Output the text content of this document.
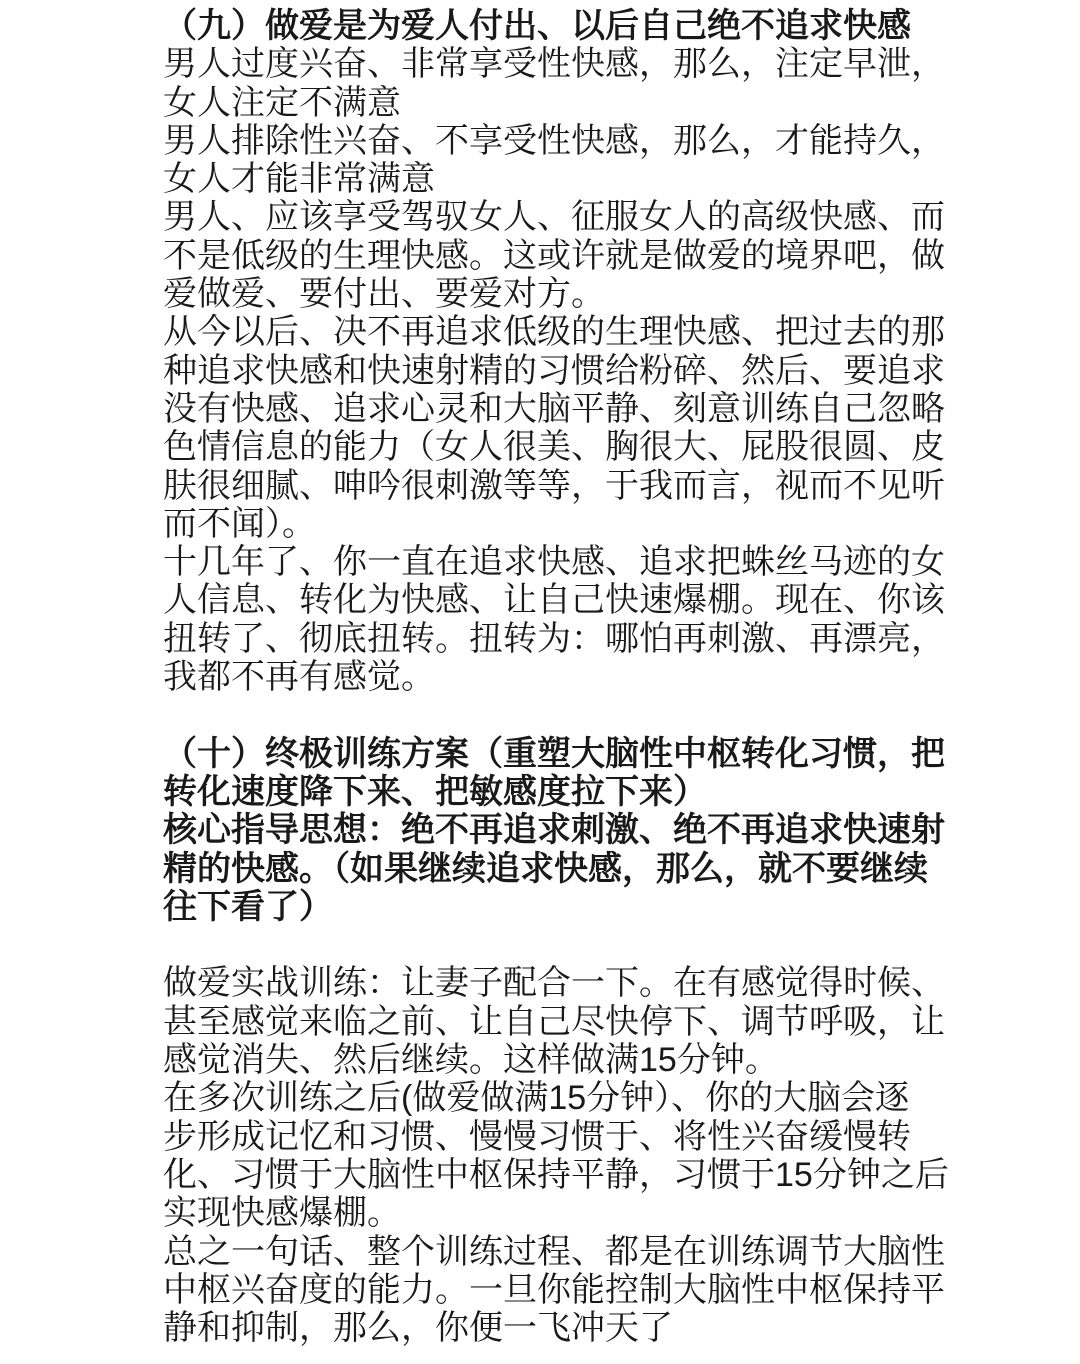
（九）做爱是为爱人付出、以后自己绝不追求快感
男人过度兴奋、非常享受性快感，那么，注定早泄，
女人注定不满意
男人排除性兴奋、不享受性快感，那么，才能持久，
女人才能非常满意
男人、应该享受驾驭女人、征服女人的高级快感、而
不是低级的生理快感。这或许就是做爱的境界吧，做
爱做爱、要付出、要爱对方。
从今以后、决不再追求低级的生理快感、把过去的那
种追求快感和快速射精的习惯给粉碎、然后、要追求
没有快感、追求心灵和大脑平静、刻意训练自己忽略
色情信息的能力（女人很美、胸很大、屁股很圆、皮
肤很细腻、呻吟很刺激等等，于我而言，视而不见听
而不闻）。
十几年了、你一直在追求快感、追求把蛛丝马迹的女
人信息、转化为快感、让自己快速爆棚。现在、你该
扭转了、彻底扭转。扭转为：哪怕再刺激、再漂亮，
我都不再有感觉。
（十）终极训练方案（重塑大脑性中枢转化习惯，把
转化速度降下来、把敏感度拉下来）
核心指导思想：绝不再追求刺激、绝不再追求快速射
精的快感。（如果继续追求快感，那么，就不要继续
往下看了）
做爱实战训练：让妻子配合一下。在有感觉得时候、
甚至感觉来临之前、让自己尽快停下、调节呼吸，让
感觉消失、然后继续。这样做满15分钟。
在多次训练之后(做爱做满15分钟）、你的大脑会逐
步形成记忆和习惯、慢慢习惯于、将性兴奋缓慢转
化、习惯于大脑性中枢保持平静，习惯于15分钟之后
实现快感爆棚。
总之一句话、整个训练过程、都是在训练调节大脑性
中枢兴奋度的能力。一旦你能控制大脑性中枢保持平
静和抑制，那么，你便一飞冲天了
